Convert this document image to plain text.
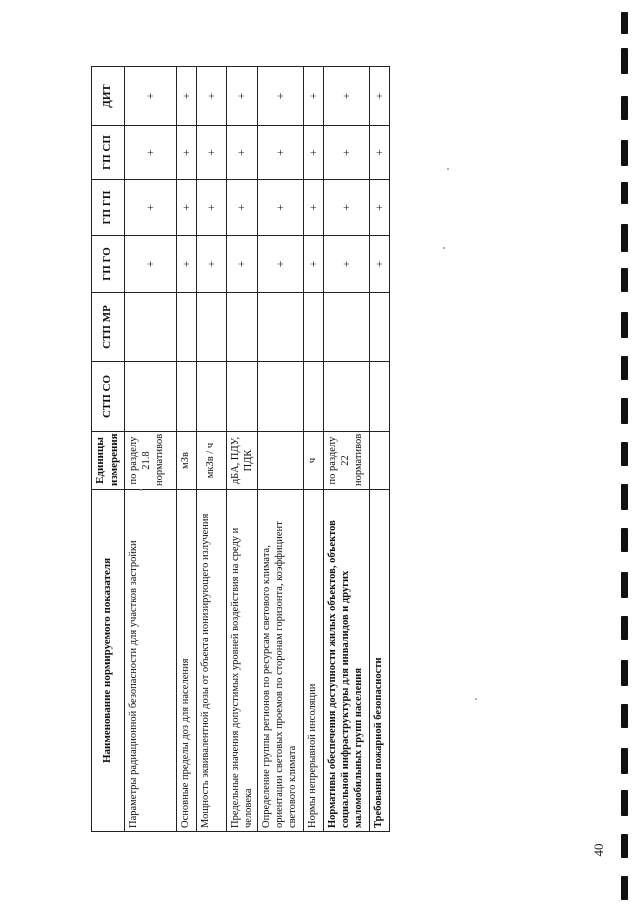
Наименование нормируемого показателя	Единицы измерения	СТП СО	СТП МР	ГП ГО	ГП ГП	ГП СП	ДИТ
Параметры радиационной безопасности для участков застройки	по разделу 21.8 нормативов			+	+	+	+
Основные пределы доз для населения	мЗв			+	+	+	+
Мощность эквивалентной дозы от объекта ионизирующего излучения	мкЗв / ч			+	+	+	+
Предельные значения допустимых уровней воздействия на среду и человека	дБА, ПДУ, ПДК			+	+	+	+
Определение группы регионов по ресурсам светового климата, ориентации световых проемов по сторонам горизонта, коэффициент светового климата				+	+	+	+
Нормы непрерывной инсоляции	ч			+	+	+	+
Нормативы обеспечения доступности жилых объектов, объектов социальной инфраструктуры для инвалидов и других маломобильных групп населения	по разделу 22 нормативов			+	+	+	+
Требования пожарной безопасности				+	+	+	+
40
